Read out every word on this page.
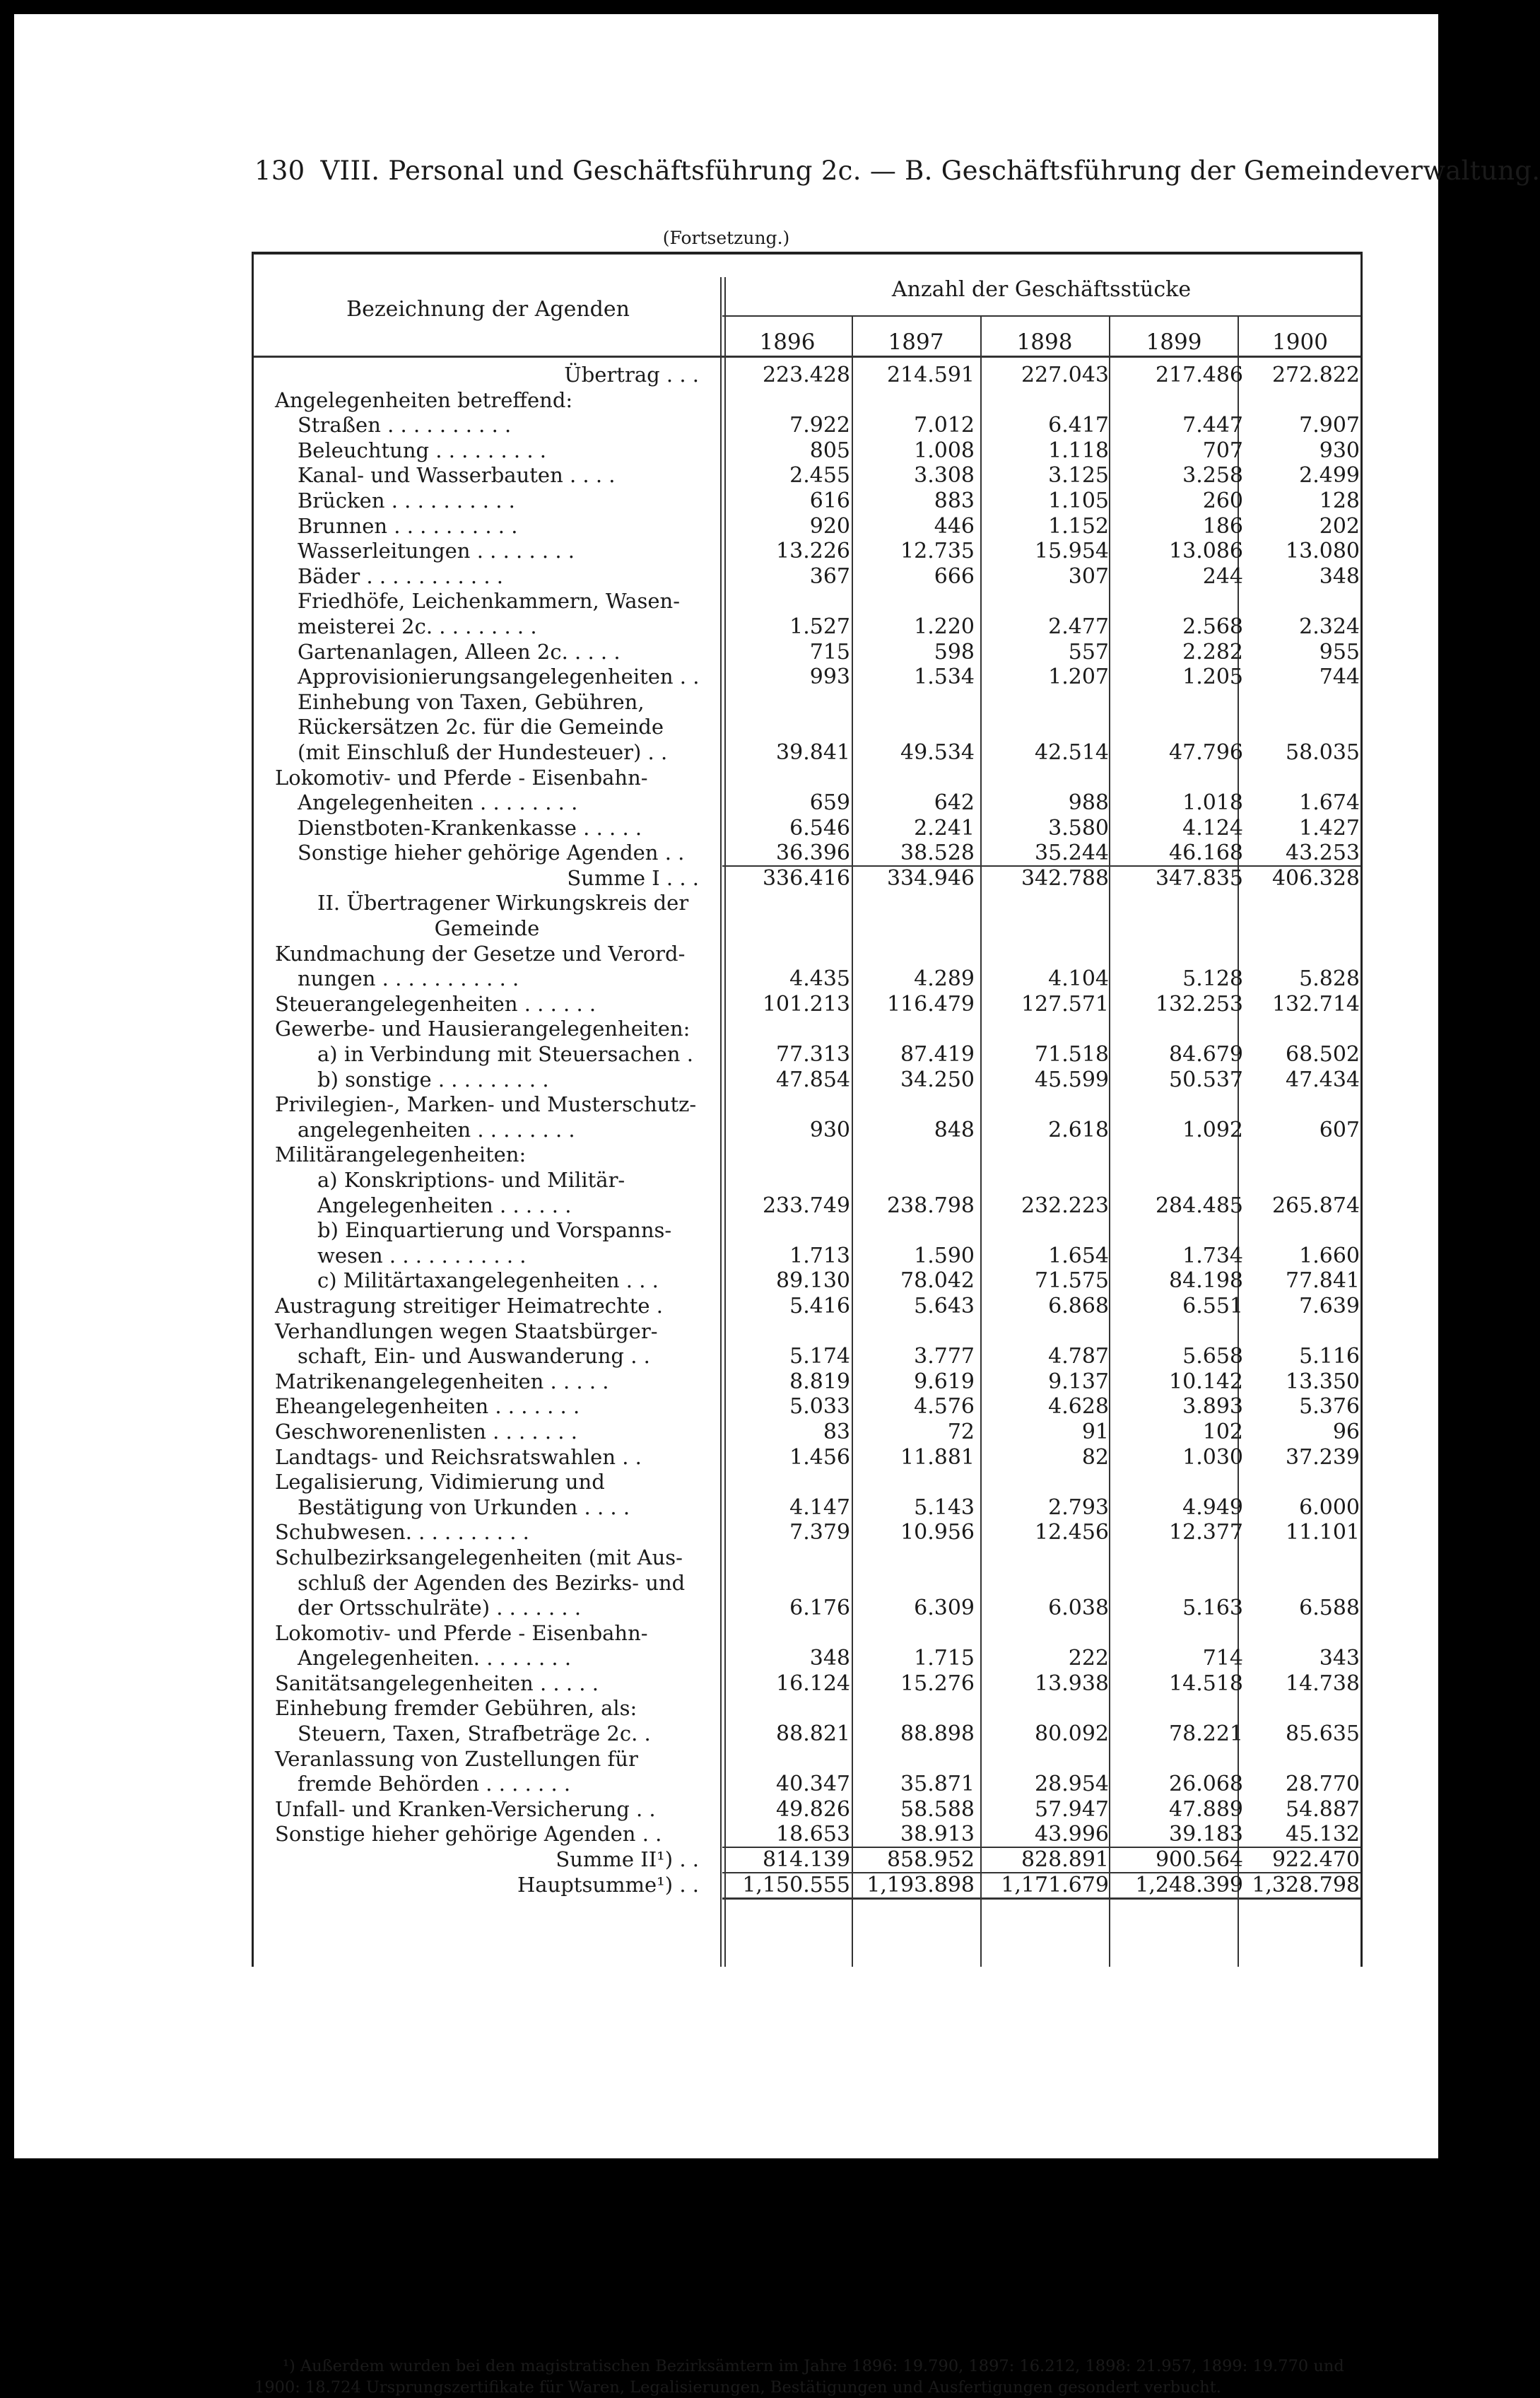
130 VIII. Personal und Geschäftsführung 2c. — B. Geschäftsführung der Gemeindeverwaltung.
(Fortsetzung.)
Bezeichnung der Agenden
Anzahl der Geschäftsstücke
1896	1897	1898	1899	1900
Übertrag . . .	223.428	214.591	227.043	217.486	272.822
Angelegenheiten betreffend:
Straßen . . . . . . . . . .	7.922	7.012	6.417	7.447	7.907
Beleuchtung . . . . . . . . .	805	1.008	1.118	707	930
Kanal- und Wasserbauten . . . .	2.455	3.308	3.125	3.258	2.499
Brücken . . . . . . . . . .	616	883	1.105	260	128
Brunnen . . . . . . . . . .	920	446	1.152	186	202
Wasserleitungen . . . . . . . .	13.226	12.735	15.954	13.086	13.080
Bäder . . . . . . . . . . .	367	666	307	244	348
Friedhöfe, Leichenkammern, Wasen-
meisterei 2c. . . . . . . . .	1.527	1.220	2.477	2.568	2.324
Gartenanlagen, Alleen 2c. . . . .	715	598	557	2.282	955
Approvisionierungsangelegenheiten . .	993	1.534	1.207	1.205	744
Einhebung von Taxen, Gebühren,
Rückersätzen 2c. für die Gemeinde
(mit Einschluß der Hundesteuer) . .	39.841	49.534	42.514	47.796	58.035
Lokomotiv- und Pferde - Eisenbahn-
Angelegenheiten . . . . . . . .	659	642	988	1.018	1.674
Dienstboten-Krankenkasse . . . . .	6.546	2.241	3.580	4.124	1.427
Sonstige hieher gehörige Agenden . .	36.396	38.528	35.244	46.168	43.253
Summe I . . .	336.416	334.946	342.788	347.835	406.328
II. Übertragener Wirkungskreis der
Gemeinde
Kundmachung der Gesetze und Verord-
nungen . . . . . . . . . . .	4.435	4.289	4.104	5.128	5.828
Steuerangelegenheiten . . . . . .	101.213	116.479	127.571	132.253	132.714
Gewerbe- und Hausierangelegenheiten:
a) in Verbindung mit Steuersachen .	77.313	87.419	71.518	84.679	68.502
b) sonstige . . . . . . . . .	47.854	34.250	45.599	50.537	47.434
Privilegien-, Marken- und Musterschutz-
angelegenheiten . . . . . . . .	930	848	2.618	1.092	607
Militärangelegenheiten:
a) Konskriptions- und Militär-
Angelegenheiten . . . . . .	233.749	238.798	232.223	284.485	265.874
b) Einquartierung und Vorspanns-
wesen . . . . . . . . . . .	1.713	1.590	1.654	1.734	1.660
c) Militärtaxangelegenheiten . . .	89.130	78.042	71.575	84.198	77.841
Austragung streitiger Heimatrechte .	5.416	5.643	6.868	6.551	7.639
Verhandlungen wegen Staatsbürger-
schaft, Ein- und Auswanderung . .	5.174	3.777	4.787	5.658	5.116
Matrikenangelegenheiten . . . . .	8.819	9.619	9.137	10.142	13.350
Eheangelegenheiten . . . . . . .	5.033	4.576	4.628	3.893	5.376
Geschworenenlisten . . . . . . .	83	72	91	102	96
Landtags- und Reichsratswahlen . .	1.456	11.881	82	1.030	37.239
Legalisierung, Vidimierung und
Bestätigung von Urkunden . . . .	4.147	5.143	2.793	4.949	6.000
Schubwesen. . . . . . . . . .	7.379	10.956	12.456	12.377	11.101
Schulbezirksangelegenheiten (mit Aus-
schluß der Agenden des Bezirks- und
der Ortsschulräte) . . . . . . .	6.176	6.309	6.038	5.163	6.588
Lokomotiv- und Pferde - Eisenbahn-
Angelegenheiten. . . . . . . .	348	1.715	222	714	343
Sanitätsangelegenheiten . . . . .	16.124	15.276	13.938	14.518	14.738
Einhebung fremder Gebühren, als:
Steuern, Taxen, Strafbeträge 2c. .	88.821	88.898	80.092	78.221	85.635
Veranlassung von Zustellungen für
fremde Behörden . . . . . . .	40.347	35.871	28.954	26.068	28.770
Unfall- und Kranken-Versicherung . .	49.826	58.588	57.947	47.889	54.887
Sonstige hieher gehörige Agenden . .	18.653	38.913	43.996	39.183	45.132
Summe II¹) . .	814.139	858.952	828.891	900.564	922.470
Hauptsumme¹) . .	1,150.555 1,193.898	1,171.679	1,248.399 1,328.798
¹) Außerdem wurden bei den magistratischen Bezirksämtern im Jahre 1896: 19.790, 1897: 16.212, 1898: 21.957, 1899: 19.770 und 1900: 18.724 Ursprungszertifikate für Waren, Legalisierungen, Bestätigungen und Ausfertigungen gesondert verbucht.
